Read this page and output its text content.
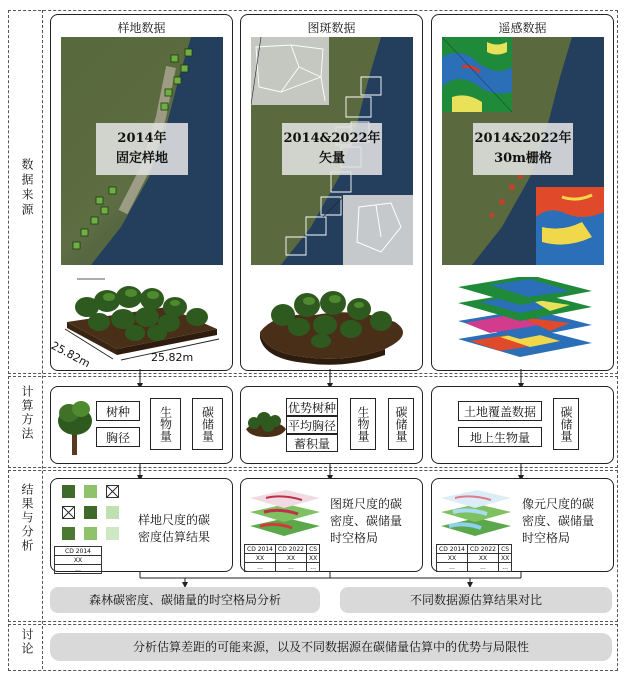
数据来源
计算方法
结果与分析
讨论
样地数据
2014年
固定样地
25.82m	25.82m
图斑数据
2014&2022年
矢量
遥感数据
2014&2022年
30m栅格
树种
胸径	生物量 碳储量	优势树种
平均胸径
蓄积量
生物量 碳储量	土地覆盖数据
地上生物量	碳储量
样地尺度的碳
密度估算结果
CD 2014
XX
...
图斑尺度的碳
密度、碳储量
时空格局
CD 2014	CD 2022	CS
XX	XX	XX
...	...	...
像元尺度的碳
密度、碳储量
时空格局
CD 2014	CD 2022	CS
XX	XX	XX
...	...	...
森林碳密度、碳储量的时空格局分析	不同数据源估算结果对比
分析估算差距的可能来源，以及不同数据源在碳储量估算中的优势与局限性
